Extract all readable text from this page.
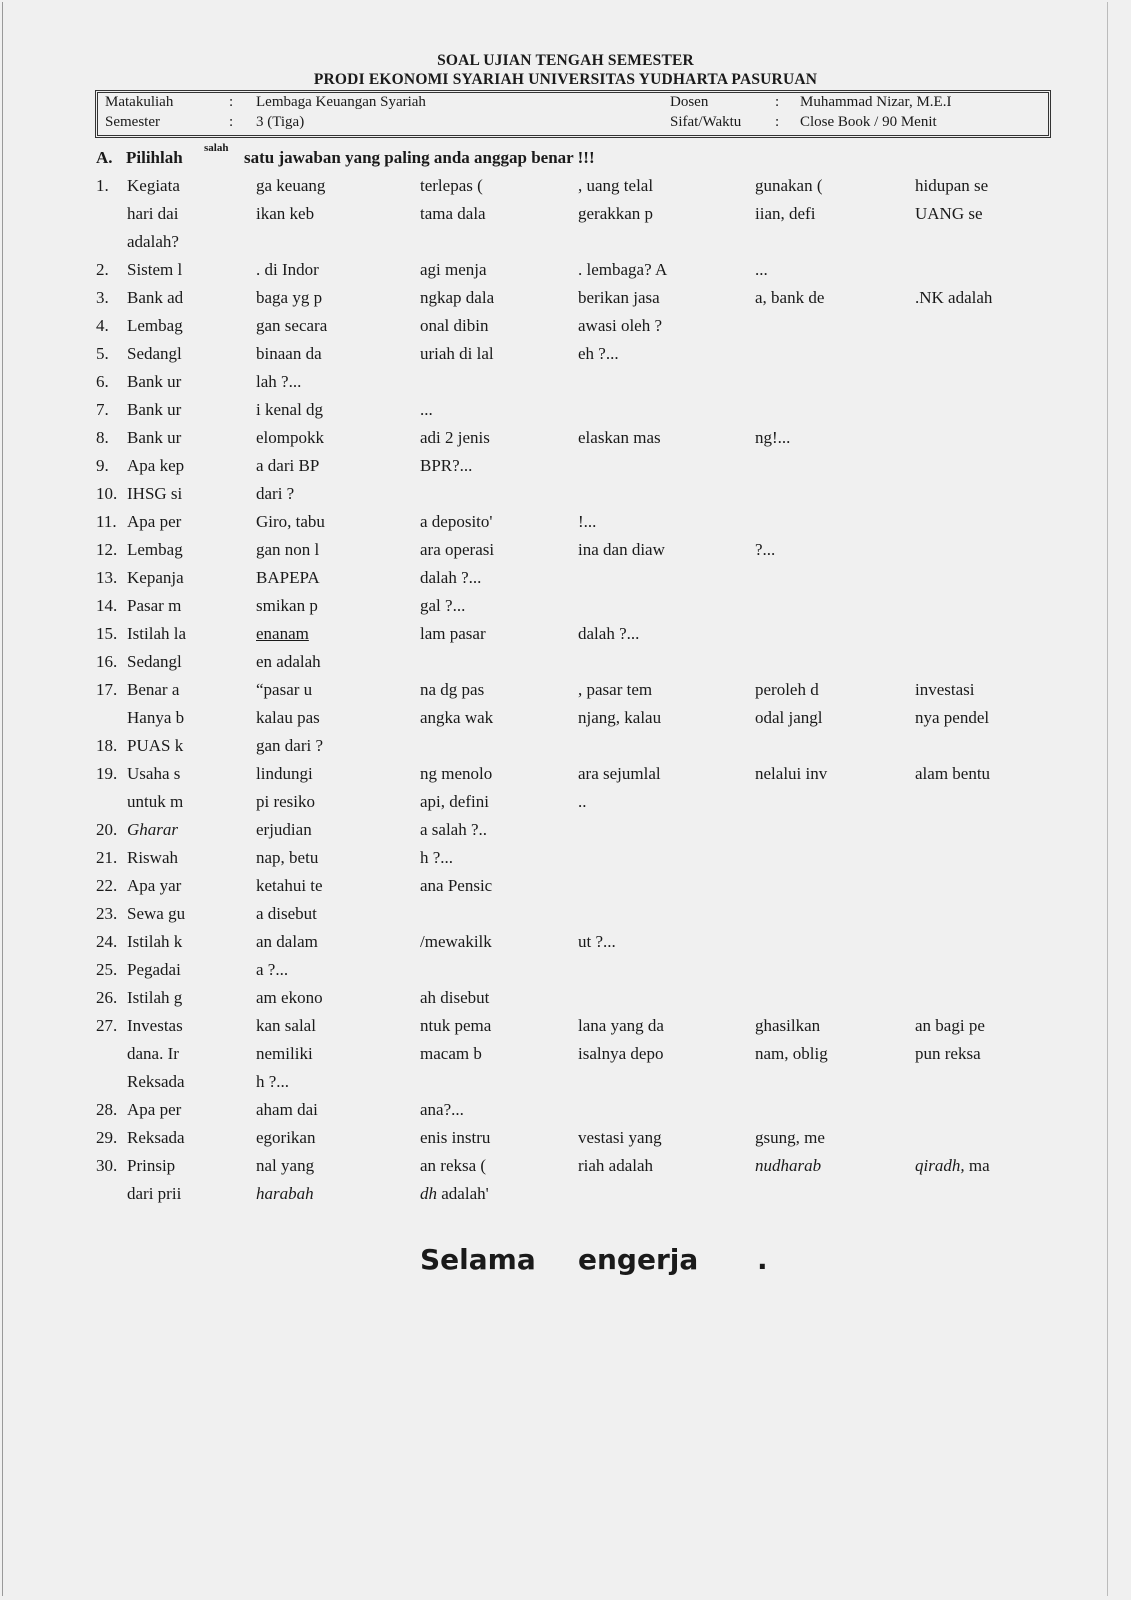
SOAL UJIAN TENGAH SEMESTER
PRODI EKONOMI SYARIAH UNIVERSITAS YUDHARTA PASURUAN
Matakuliah	: Lembaga Keuangan Syariah	Dosen	: Muhammad Nizar, M.E.I
Semester	: 3 (Tiga)	Sifat/Waktu : Close Book / 90 Menit
A. Pilihlah salah satu jawaban yang paling anda anggap benar !!!
1. Kegiata	ga keuang	terlepas (	, uang telal	gunakan (	hidupan se
hari dai	ikan keb	tama dala	gerakkan p	iian, defi	UANG se
adalah?
2. Sistem l	. di Indor	agi menja	. lembaga? A	...
3. Bank ad	baga yg p	ngkap dala	berikan jasa	a, bank de	.NK adalah
4. Lembag	gan secara	onal dibin	awasi oleh ?
5. Sedangl	binaan da	uriah di lal	eh ?...
6. Bank ur	lah ?...
7. Bank ur	i kenal dg	...
8. Bank ur	elompokk	adi 2 jenis	elaskan mas	ng!...
9. Apa kep	a dari BP	BPR?...
10. IHSG si	dari ?
11. Apa per	Giro, tabu	a deposito'	!...
12. Lembag	gan non l	ara operasi	ina dan diaw	?...
13. Kepanja	BAPEPA	dalah ?...
14. Pasar m	smikan p	gal ?...
15. Istilah la	enanam	lam pasar	dalah ?...
16. Sedangl	en adalah
17. Benar a	“pasar u	na dg pas	, pasar tem	peroleh d	investasi
Hanya b	kalau pas	angka wak	njang, kalau	odal jangl	nya pendel
18. PUAS k	gan dari ?
19. Usaha s	lindungi	ng menolo	ara sejumlal	nelalui inv	alam bentu
untuk m	pi resiko	api, defini	..
20. Gharar	erjudian	a salah ?..
21. Riswah	nap, betu	h ?...
22. Apa yar	ketahui te	ana Pensic
23. Sewa gu	a disebut
24. Istilah k	an dalam	/mewakilk	ut ?...
25. Pegadai	a ?...
26. Istilah g	am ekono	ah disebut
27. Investas	kan salal	ntuk pema	lana yang da	ghasilkan	an bagi pe
dana. Ir	nemiliki	macam b	isalnya depo	nam, oblig	pun reksa
Reksada	h ?...
28. Apa per	aham dai	ana?...
29. Reksada	egorikan	enis instru	vestasi yang	gsung, me
30. Prinsip	nal yang	an reksa (	riah adalah	nudharab	qiradh, ma
dari prii	harabah	dh adalah'
Selama engerja .
